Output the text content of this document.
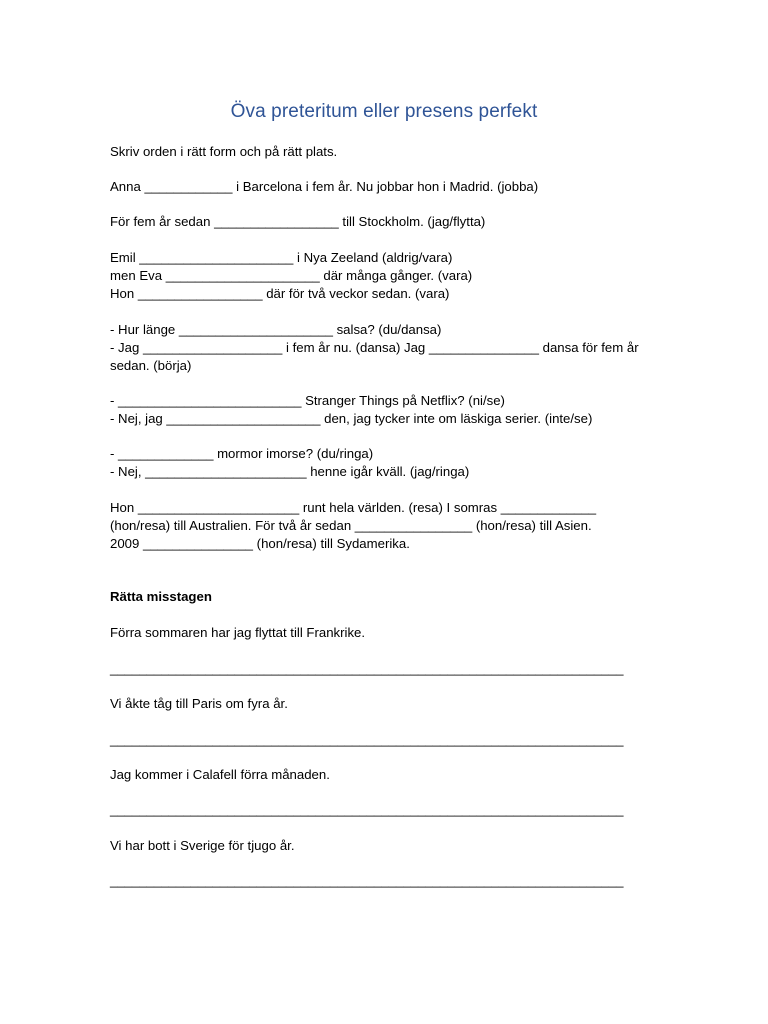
Öva preteritum eller presens perfekt
Skriv orden i rätt form och på rätt plats.
Anna ____________ i Barcelona i fem år. Nu jobbar hon i Madrid. (jobba)
För fem år sedan _________________ till Stockholm. (jag/flytta)
Emil _____________________ i Nya Zeeland (aldrig/vara)
men Eva _____________________ där många gånger. (vara)
Hon _________________ där för två veckor sedan. (vara)
- Hur länge _____________________ salsa? (du/dansa)
- Jag ___________________ i fem år nu. (dansa) Jag _______________ dansa för fem år
sedan. (börja)
- _________________________ Stranger Things på Netflix? (ni/se)
- Nej, jag _____________________ den, jag tycker inte om läskiga serier. (inte/se)
- _____________ mormor imorse? (du/ringa)
- Nej, ______________________ henne igår kväll. (jag/ringa)
Hon ______________________ runt hela världen. (resa) I somras _____________
(hon/resa) till Australien. För två år sedan ________________ (hon/resa) till Asien.
2009 _______________ (hon/resa) till Sydamerika.
Rätta misstagen
Förra sommaren har jag flyttat till Frankrike.
______________________________________________________________________
Vi åkte tåg till Paris om fyra år.
______________________________________________________________________
Jag kommer i Calafell förra månaden.
______________________________________________________________________
Vi har bott i Sverige för tjugo år.
______________________________________________________________________
